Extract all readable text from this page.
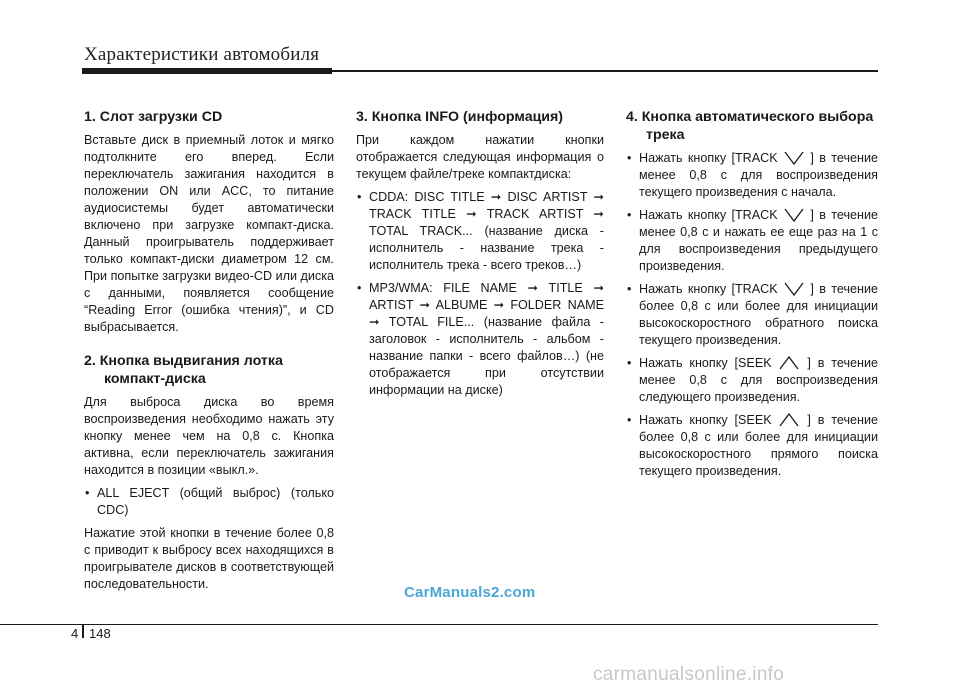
Характеристики автомобиля
1. Слот загрузки CD
Вставьте диск в приемный лоток и мягко подтолкните его вперед. Если переключатель зажигания находится в положении ON или ACC, то питание аудиосистемы будет автоматически включено при загрузке компакт-диска. Данный проигрыватель поддерживает только компакт-диски диаметром 12 см. При попытке загрузки видео-CD или диска с данными, появляется сообщение “Reading Error (ошибка чтения)”, и CD выбрасывается.
2. Кнопка выдвигания лотка компакт-диска
Для выброса диска во время воспроизведения необходимо нажать эту кнопку менее чем на 0,8 с. Кнопка активна, если переключатель зажигания находится в позиции «выкл.».
• ALL EJECT (общий выброс) (только CDC)
Нажатие этой кнопки в течение более 0,8 с приводит к выбросу всех находящихся в проигрывателе дисков в соответствующей последовательности.
3. Кнопка INFO (информация)
При каждом нажатии кнопки отображается следующая информация о текущем файле/треке компактдиска:
• CDDA: DISC TITLE ➞ DISC ARTIST ➞ TRACK TITLE ➞ TRACK ARTIST ➞ TOTAL TRACK... (название диска - исполнитель - название трека - исполнитель трека - всего треков…)
• MP3/WMA: FILE NAME ➞ TITLE ➞ ARTIST ➞ ALBUME ➞ FOLDER NAME ➞ TOTAL FILE... (название файла - заголовок - исполнитель - альбом - название папки - всего файлов…) (не отображается при отсутствии информации на диске)
4. Кнопка автоматического выбора трека
• Нажать кнопку [TRACK	] в течение менее 0,8 с для воспроизведения текущего произведения с начала.
• Нажать кнопку [TRACK	] в течение менее 0,8 с и нажать ее еще раз на 1 с для воспроизведения предыдущего произведения.
• Нажать кнопку [TRACK	] в течение более 0,8 с или более для инициации высокоскоростного обратного поиска текущего произведения.
• Нажать кнопку [SEEK	] в течение менее 0,8 с для воспроизведения следующего произведения.
• Нажать кнопку [SEEK	] в течение более 0,8 с или более для инициации высокоскоростного прямого поиска текущего произведения.
CarManuals2.com
4 148
carmanualsonline.info
